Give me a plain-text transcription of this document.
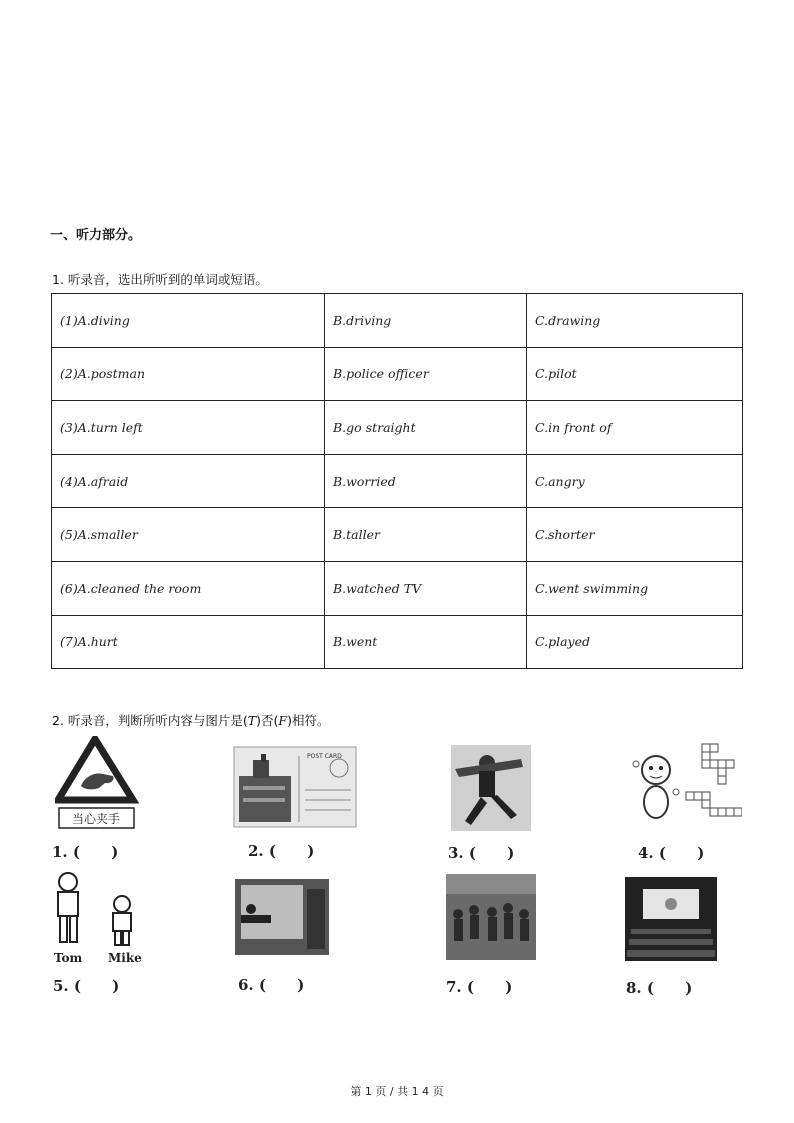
一、听力部分。
1. 听录音，选出所听到的单词或短语。
(1)A.diving	B.driving	C.drawing
(2)A.postman	B.police officer	C.pilot
(3)A.turn left	B.go straight	C.in front of
(4)A.afraid	B.worried	C.angry
(5)A.smaller	B.taller	C.shorter
(6)A.cleaned the room	B.watched TV	C.went swimming
(7)A.hurt	B.went	C.played
2. 听录音，判断所听内容与图片是(T)否(F)相符。
当心夹手
POST CARD
Tom Mike
1. (      )	2. (      )	3. (      )	4. (      )
5. (      )	6. (      )	7. (      )	8. (      )
第 1 页 / 共 1 4 页
